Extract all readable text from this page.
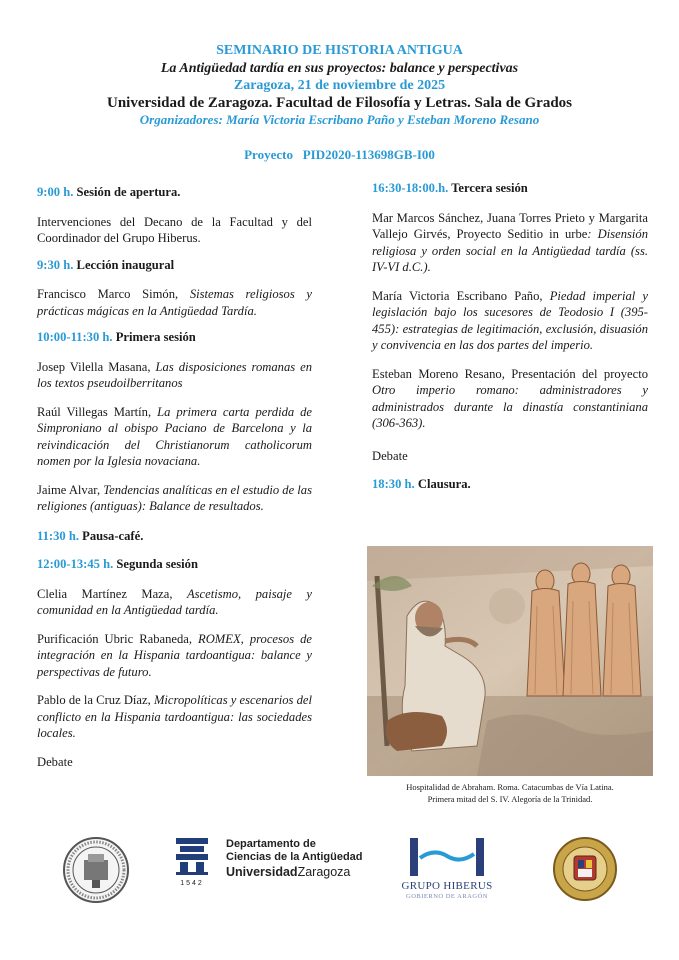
SEMINARIO DE HISTORIA ANTIGUA
La Antigüedad tardía en sus proyectos: balance y perspectivas
Zaragoza, 21 de noviembre de 2025
Universidad de Zaragoza. Facultad de Filosofía y Letras. Sala de Grados
Organizadores: María Victoria Escribano Paño y Esteban Moreno Resano
Proyecto   PID2020-113698GB-I00

9:00 h. Sesión de apertura.

Intervenciones del Decano de la Facultad y del Coordinador del Grupo Hiberus.

9:30 h. Lección inaugural

Francisco Marco Simón, Sistemas religiosos y prácticas mágicas en la Antigüedad Tardía.

10:00-11:30 h. Primera sesión

Josep Vilella Masana, Las disposiciones romanas en los textos pseudoilberritanos

Raúl Villegas Martín, La primera carta perdida de Simproniano al obispo Paciano de Barcelona y la reivindicación del Christianorum catholicorum nomen por la Iglesia novaciana.

Jaime Alvar, Tendencias analíticas en el estudio de las religiones (antiguas): Balance de resultados.

11:30 h. Pausa-café.

12:00-13:45 h. Segunda sesión

Clelia Martínez Maza, Ascetismo, paisaje y comunidad en la Antigüedad tardía.

Purificación Ubric Rabaneda, ROMEX, procesos de integración en la Hispania tardoantigua: balance y perspectivas de futuro.

Pablo de la Cruz Díaz, Micropolíticas y escenarios del conflicto en la Hispania tardoantigua: las sociedades locales.

Debate

16:30-18:00.h. Tercera sesión

Mar Marcos Sánchez, Juana Torres Prieto y Margarita Vallejo Girvés, Proyecto Seditio in urbe: Disensión religiosa y orden social en la Antigüedad tardía (ss. IV-VI d.C.).

María Victoria Escribano Paño, Piedad imperial y legislación bajo los sucesores de Teodosio I (395-455): estrategias de legitimación, exclusión, disuasión y convivencia en las dos partes del imperio.

Esteban Moreno Resano, Presentación del proyecto Otro imperio romano: administradores y administrados durante la dinastía constantiniana (306-363).

Debate

18:30 h. Clausura.

Hospitalidad de Abraham. Roma. Catacumbas de Vía Latina.
Primera mitad del S. IV. Alegoría de la Trinidad.
1542
Departamento de
Ciencias de la Antigüedad
UniversidadZaragoza
GRUPO HIBERUS
GOBIERNO DE ARAGÓN
